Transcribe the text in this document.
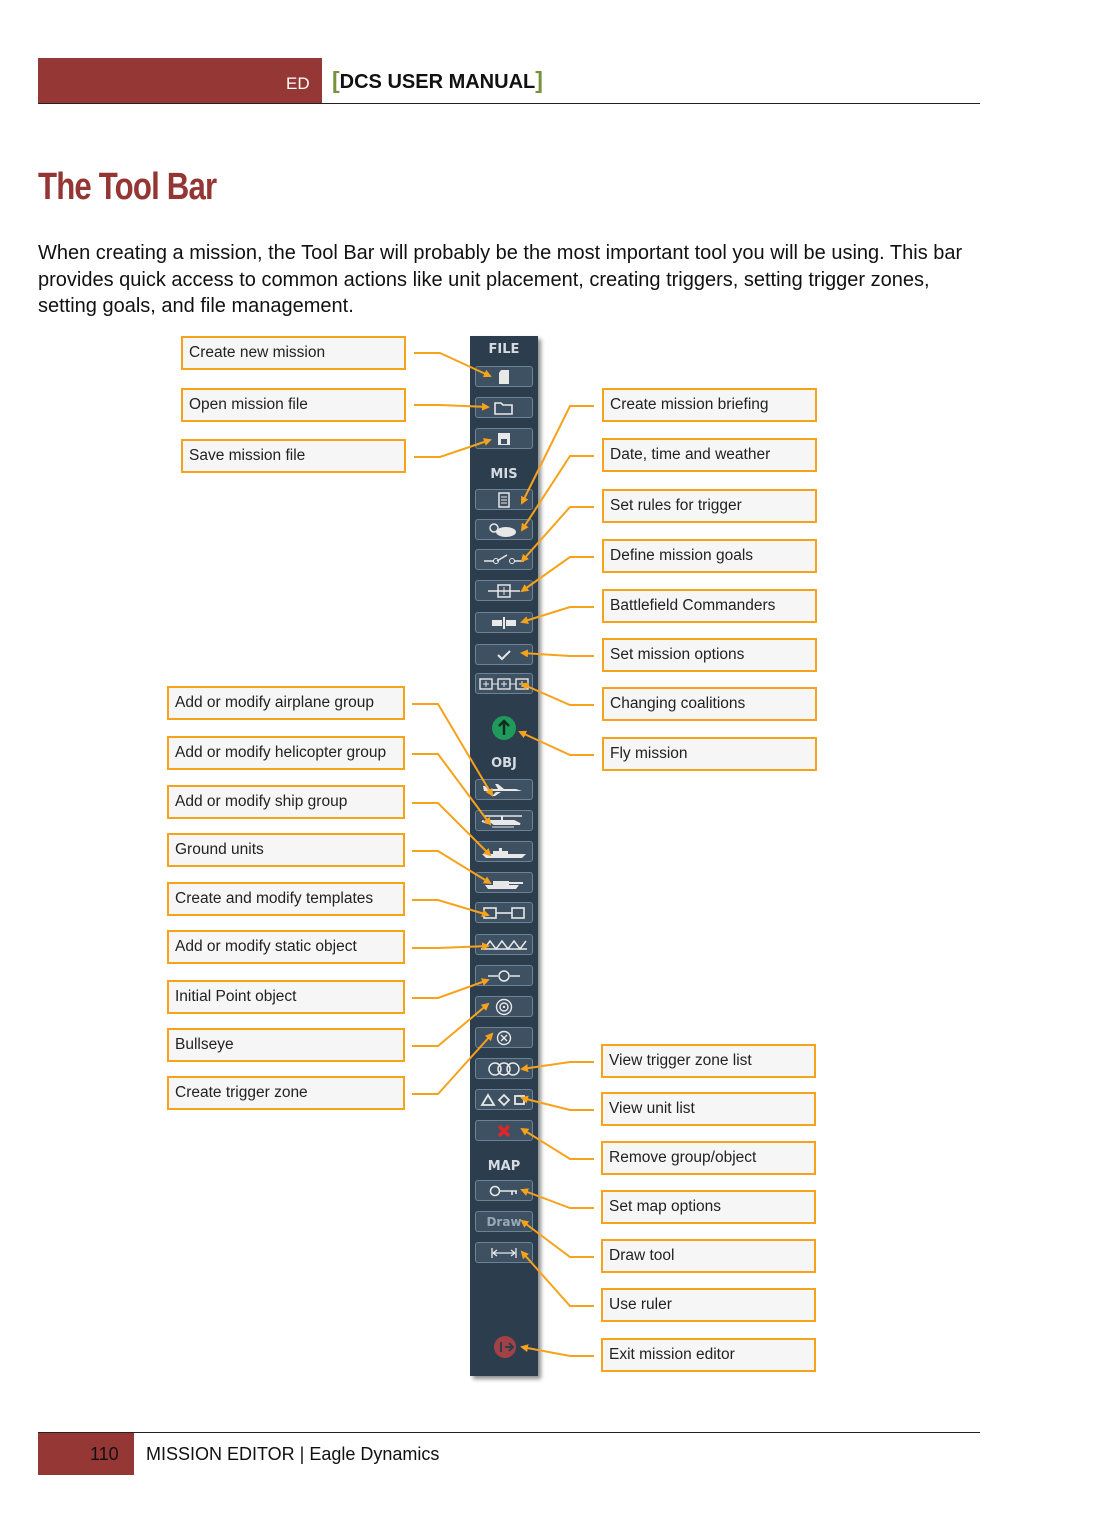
ED [DCS USER MANUAL]
The Tool Bar
When creating a mission, the Tool Bar will probably be the most important tool you will be using. This bar provides quick access to common actions like unit placement, creating triggers, setting trigger zones, setting goals, and file management.
FILE
MIS
OBJ
MAP
Draw
Create new mission
Open mission file
Save mission file
Add or modify airplane group
Add or modify helicopter group
Add or modify ship group
Ground units
Create and modify templates
Add or modify static object
Initial Point object
Bullseye
Create trigger zone
Create mission briefing
Date, time and weather
Set rules for trigger
Define mission goals
Battlefield Commanders
Set mission options
Changing coalitions
Fly mission
View trigger zone list
View unit list
Remove group/object
Set map options
Draw tool
Use ruler
Exit mission editor
110 MISSION EDITOR | Eagle Dynamics
